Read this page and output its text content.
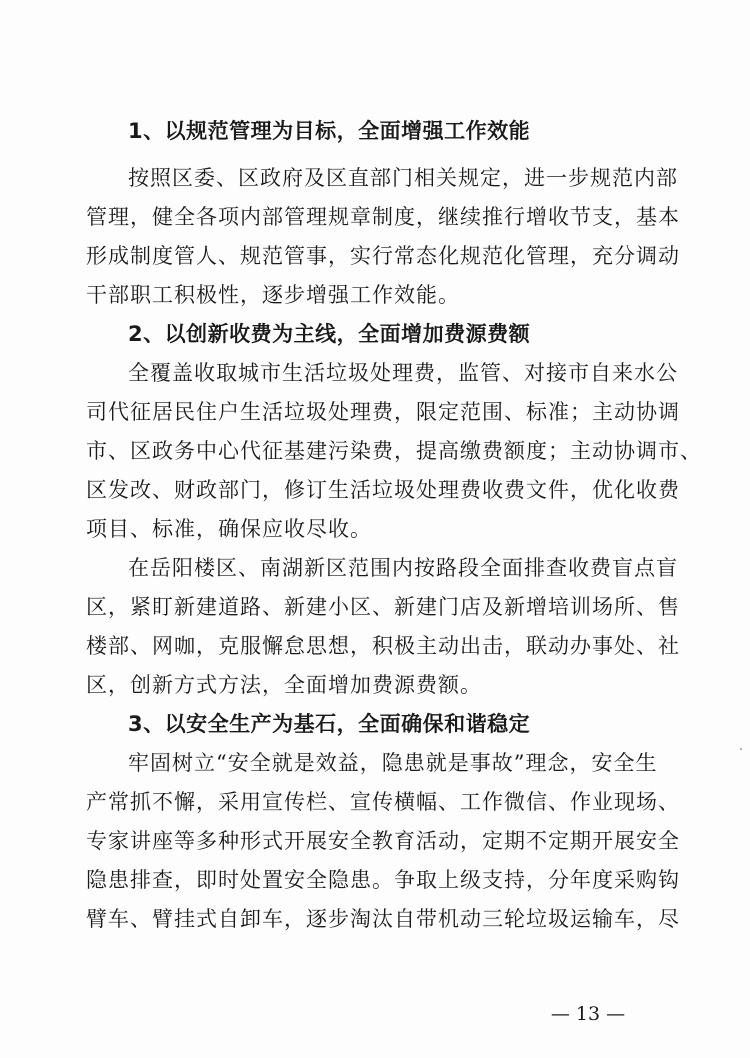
1、以规范管理为目标，全面增强工作效能
按照区委、区政府及区直部门相关规定，进一步规范内部
管理，健全各项内部管理规章制度，继续推行增收节支，基本
形成制度管人、规范管事，实行常态化规范化管理，充分调动
干部职工积极性，逐步增强工作效能。
2、以创新收费为主线，全面增加费源费额
全覆盖收取城市生活垃圾处理费，监管、对接市自来水公
司代征居民住户生活垃圾处理费，限定范围、标准；主动协调
市、区政务中心代征基建污染费，提高缴费额度；主动协调市、
区发改、财政部门，修订生活垃圾处理费收费文件，优化收费
项目、标准，确保应收尽收。
在岳阳楼区、南湖新区范围内按路段全面排查收费盲点盲
区，紧盯新建道路、新建小区、新建门店及新增培训场所、售
楼部、网咖，克服懈怠思想，积极主动出击，联动办事处、社
区，创新方式方法，全面增加费源费额。
3、以安全生产为基石，全面确保和谐稳定
牢固树立“安全就是效益，隐患就是事故”理念，安全生
产常抓不懈，采用宣传栏、宣传横幅、工作微信、作业现场、
专家讲座等多种形式开展安全教育活动，定期不定期开展安全
隐患排查，即时处置安全隐患。争取上级支持，分年度采购钩
臂车、臂挂式自卸车，逐步淘汰自带机动三轮垃圾运输车，尽
— 13 —
